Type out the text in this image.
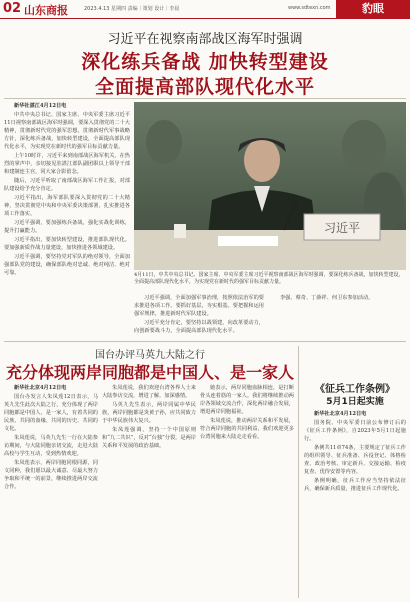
02 山东商报	2023.4.13 星期四 责编｜策划 设计｜李晨	www.sdtexn.com	豹眼
习近平在视察南部战区海军时强调
深化练兵备战 加快转型建设
全面提高部队现代化水平

新华社湛江4月12日电

中共中央总书记、国家主席、中央军委主席习近平11日视察南部战区海军时强调，要深入贯彻党的二十大精神，贯彻新时代党的强军思想，贯彻新时代军事战略方针，深化练兵备战，加快转型建设，全面提高部队现代化水平，为实现党在新时代的强军目标贡献力量。

上午10时许，习近平来到南部战区海军机关，在热烈的掌声中，亲切接见驻湛江部队副团职以上领导干部和建制连主官，同大家合影留念。

随后，习近平听取了南部战区海军工作汇报，对部队建设给予充分肯定。

习近平指出，海军部队要深入贯彻党的二十大精神，坚决贯彻党中央和中央军委决策部署，扎实推进各项工作落实。

习近平强调，要加强练兵备战，强化实战化训练，提升打赢能力。

习近平指出，要加快转型建设，推进部队现代化。要加强新质作战力量建设，加快推进各领域建设。

习近平强调，要坚持党对军队的绝对领导，全面加强部队党的建设，确保部队绝对忠诚、绝对纯洁、绝对可靠。

习近平
4月11日，中共中央总书记、国家主席、中央军委主席习近平视察南部战区海军时强调，要深化练兵备战，加快转型建设，全面提高部队现代化水平，为实现党在新时代的强军目标贡献力量。

习近平强调，全面加强军事治理，按照依法治军的要求推进各项工作。要抓好基层，夯实根基。要把握和运用强军规律，推进新时代军队建设。

习近平充分肯定，要坚持以战领建，向改革要动力，向创新要战斗力，全面提高部队现代化水平。

李强、蔡奇、丁薛祥、何卫东参加活动。

国台办评马英九大陆之行
充分体现两岸同胞都是中国人、是一家人

新华社北京4月12日电

国台办发言人朱凤莲12日表示，马英九先生此次大陆之行，充分体现了两岸同胞都是中国人、是一家人，有着共同的民族、共同的血缘、共同的历史、共同的文化。

朱凤莲说，马英九先生一行在大陆参访期间，与大陆同胞亲切交流，走进大陆高校与学生互动，受到热情欢迎。

朱凤莲表示，两岸同胞同根同源，同文同种，我们愿以最大诚意、尽最大努力争取和平统一的前景，继续推进两岸交流合作。

朱凤莲说，我们欢迎台湾各界人士来大陆参访交流，增进了解，加深感情。

马英九先生表示，两岸同属中华民族，两岸同胞都是炎黄子孙，应共同致力于中华民族伟大复兴。

朱凤莲强调，坚持一个中国原则和“九二共识”，反对“台独”分裂，是两岸关系和平发展的政治基础。

她表示，两岸同胞血脉相连，是打断骨头连着筋的一家人。我们将继续推动两岸各领域交流合作，深化两岸融合发展，增进两岸同胞福祉。

朱凤莲说，推动两岸关系和平发展，符合两岸同胞的共同利益，我们欢迎更多台湾同胞来大陆走走看看。

《征兵工作条例》
5月1日起实施

新华社北京4月12日电

国务院、中央军委日前公布修订后的《征兵工作条例》，自2023年5月1日起施行。

条例共11章74条，主要规定了征兵工作的组织领导、征兵准备、兵役登记、体格检查、政治考核、审定新兵、交接运输、检疫复查、优待安置等内容。

条例明确，征兵工作应当坚持依法征兵，确保新兵质量，推进征兵工作现代化。
